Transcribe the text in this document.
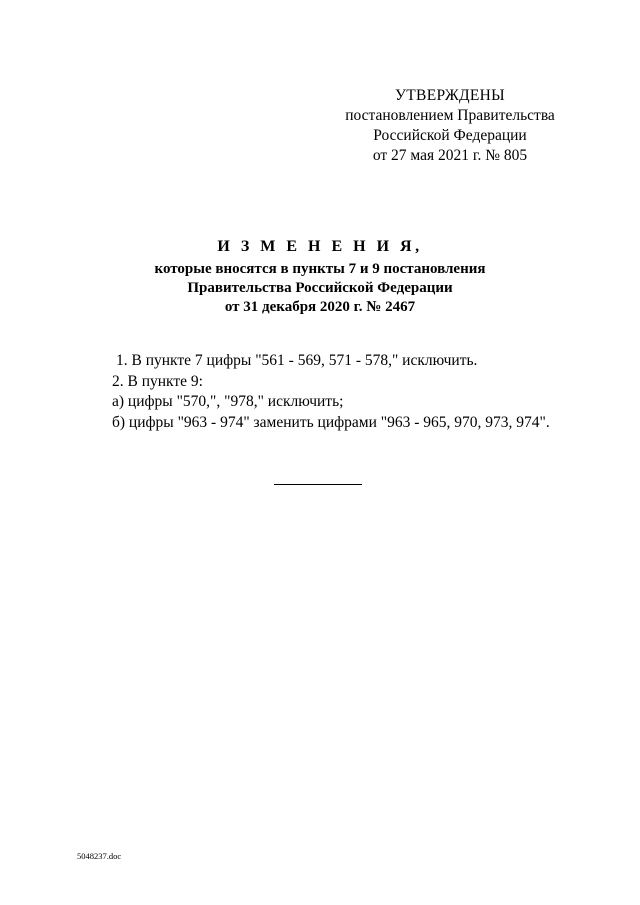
УТВЕРЖДЕНЫ
постановлением Правительства
Российской Федерации
от 27 мая 2021 г. № 805
И З М Е Н Е Н И Я,
которые вносятся в пункты 7 и 9 постановления
Правительства Российской Федерации
от 31 декабря 2020 г. № 2467
1. В пункте 7 цифры "561 - 569, 571 - 578," исключить.
2. В пункте 9:
а) цифры "570,", "978," исключить;
б) цифры "963 - 974" заменить цифрами "963 - 965, 970, 973, 974".
5048237.doc
